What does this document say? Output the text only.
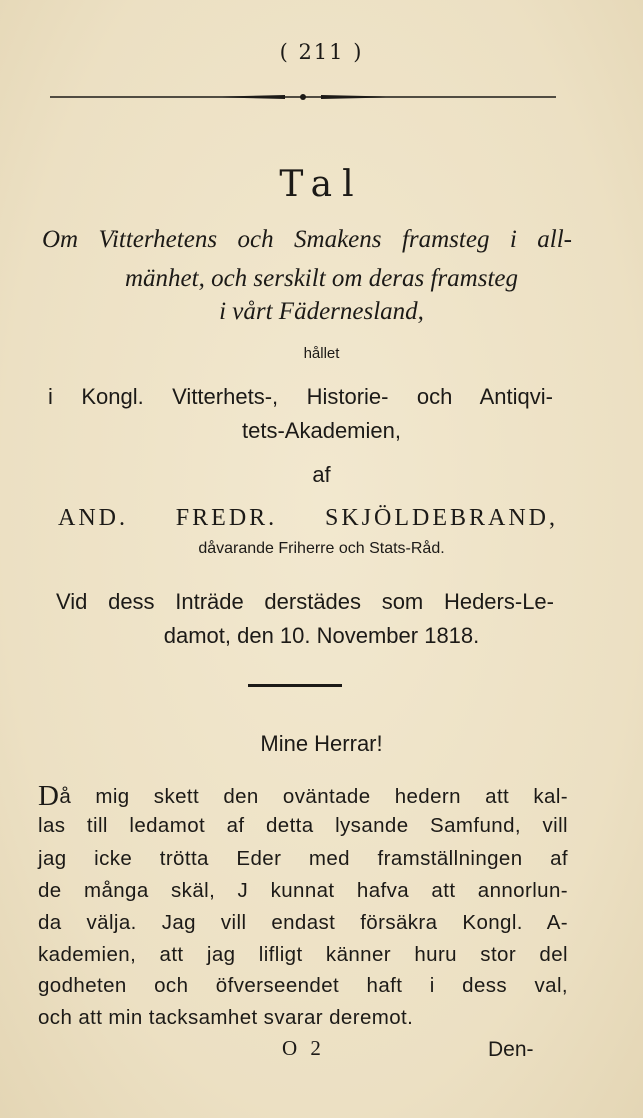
( 211 )
Tal
Om Vitterhetens och Smakens framsteg i all-
mänhet, och serskilt om deras framsteg
i vårt Fädernesland,
hållet
i Kongl. Vitterhets-, Historie- och Antiqvi-
tets-Akademien,
af
AND. FREDR. SKJÖLDEBRAND,
dåvarande Friherre och Stats-Råd.
Vid dess Inträde derstädes som Heders-Le-
damot, den 10. November 1818.
Mine Herrar!
Då mig skett den oväntade hedern att kal-
las till ledamot af detta lysande Samfund, vill
jag icke trötta Eder med framställningen af
de många skäl, J kunnat hafva att annorlun-
da välja. Jag vill endast försäkra Kongl. A-
kademien, att jag lifligt känner huru stor del
godheten och öfverseendet haft i dess val,
och att min tacksamhet svarar deremot.
O 2	Den-
